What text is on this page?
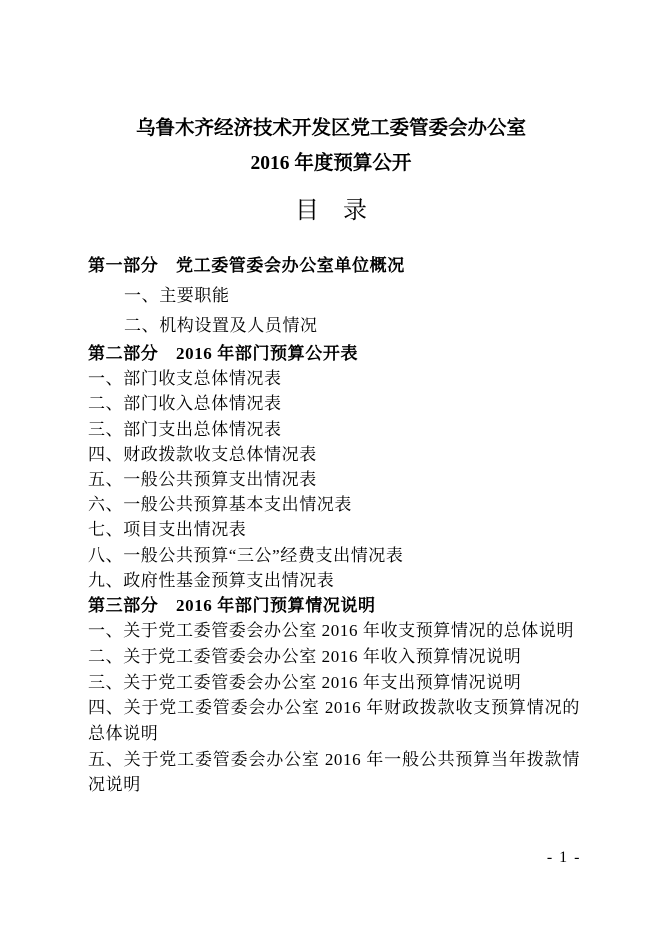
乌鲁木齐经济技术开发区党工委管委会办公室
2016 年度预算公开
目　录
第一部分　党工委管委会办公室单位概况
一、主要职能
二、机构设置及人员情况
第二部分　2016 年部门预算公开表
一、部门收支总体情况表
二、部门收入总体情况表
三、部门支出总体情况表
四、财政拨款收支总体情况表
五、一般公共预算支出情况表
六、一般公共预算基本支出情况表
七、项目支出情况表
八、一般公共预算“三公”经费支出情况表
九、政府性基金预算支出情况表
第三部分　2016 年部门预算情况说明
一、关于党工委管委会办公室 2016 年收支预算情况的总体说明
二、关于党工委管委会办公室 2016 年收入预算情况说明
三、关于党工委管委会办公室 2016 年支出预算情况说明
四、关于党工委管委会办公室 2016 年财政拨款收支预算情况的
总体说明
五、关于党工委管委会办公室 2016 年一般公共预算当年拨款情
况说明
- 1 -
